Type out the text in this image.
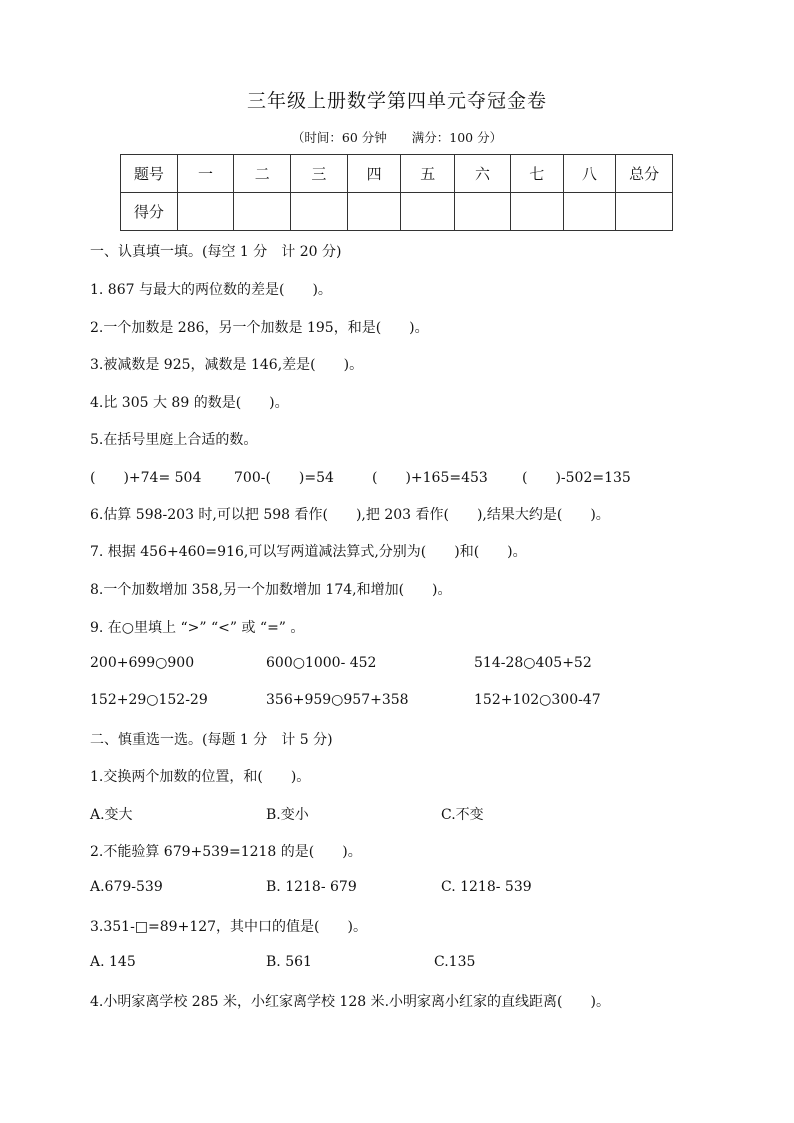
三年级上册数学第四单元夺冠金卷
（时间：60 分钟　　满分：100 分）
题号	一	二	三	四	五	六	七	八	总分
得分									
一、认真填一填。(每空 1 分　计 20 分)
1. 867 与最大的两位数的差是(　　)。
2.一个加数是 286，另一个加数是 195，和是(　　)。
3.被减数是 925，减数是 146,差是(　　)。
4.比 305 大 89 的数是(　　)。
5.在括号里庭上合适的数。
(　　)+74= 504 700-(　　)=54	(　　)+165=453 (　　)-502=135
6.估算 598-203 时,可以把 598 看作(　　),把 203 看作(　　),结果大约是(　　)。
7. 根据 456+460=916,可以写两道减法算式,分别为(　　)和(　　)。
8.一个加数增加 358,另一个加数增加 174,和增加(　　)。
9. 在○里填上 “>” “<” 或 “=” 。
200+699○900	600○1000- 452	514-28○405+52
152+29○152-29	356+959○957+358	152+102○300-47
二、慎重选一选。(每题 1 分　计 5 分)
1.交换两个加数的位置，和(　　)。
A.变大	B.变小	C.不变
2.不能验算 679+539=1218 的是(　　)。
A.679-539	B. 1218- 679	C. 1218- 539
3.351-□=89+127，其中口的值是(　　)。
A. 145	B. 561	C.135
4.小明家离学校 285 米，小红家离学校 128 米.小明家离小红家的直线距离(　　)。
